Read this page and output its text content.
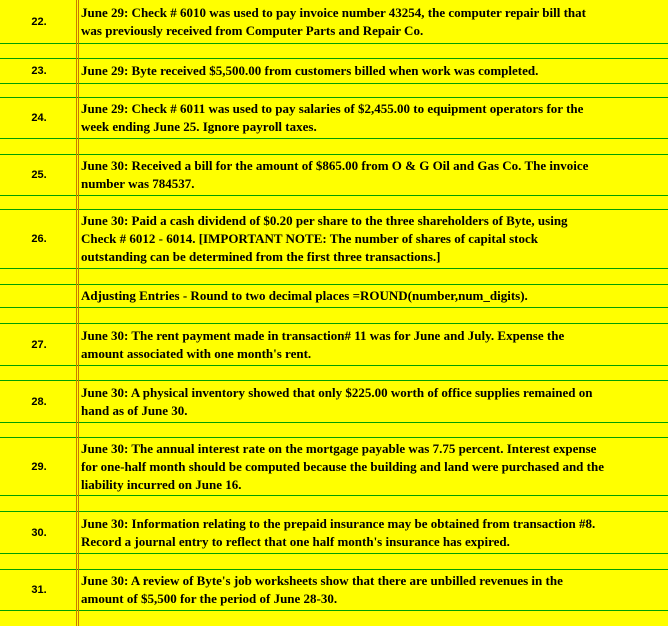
22.
June 29: Check # 6010 was used to pay invoice number 43254, the computer repair bill that
was previously received from Computer Parts and Repair Co.
23.	June 29: Byte received $5,500.00 from customers billed when work was completed.
24.
June 29: Check # 6011 was used to pay salaries of $2,455.00 to equipment operators for the
week ending June 25. Ignore payroll taxes.
25.
June 30: Received a bill for the amount of $865.00 from O & G Oil and Gas Co. The invoice
number was 784537.
26.
June 30: Paid a cash dividend of $0.20 per share to the three shareholders of Byte, using
Check # 6012 - 6014. [IMPORTANT NOTE: The number of shares of capital stock
outstanding can be determined from the first three transactions.]
Adjusting Entries - Round to two decimal places =ROUND(number,num_digits).
27.
June 30: The rent payment made in transaction# 11 was for June and July. Expense the
amount associated with one month's rent.
28.
June 30: A physical inventory showed that only $225.00 worth of office supplies remained on
hand as of June 30.
29.
June 30: The annual interest rate on the mortgage payable was 7.75 percent. Interest expense
for one-half month should be computed because the building and land were purchased and the
liability incurred on June 16.
30.
June 30: Information relating to the prepaid insurance may be obtained from transaction #8.
Record a journal entry to reflect that one half month's insurance has expired.
31.
June 30: A review of Byte's job worksheets show that there are unbilled revenues in the
amount of $5,500 for the period of June 28-30.
